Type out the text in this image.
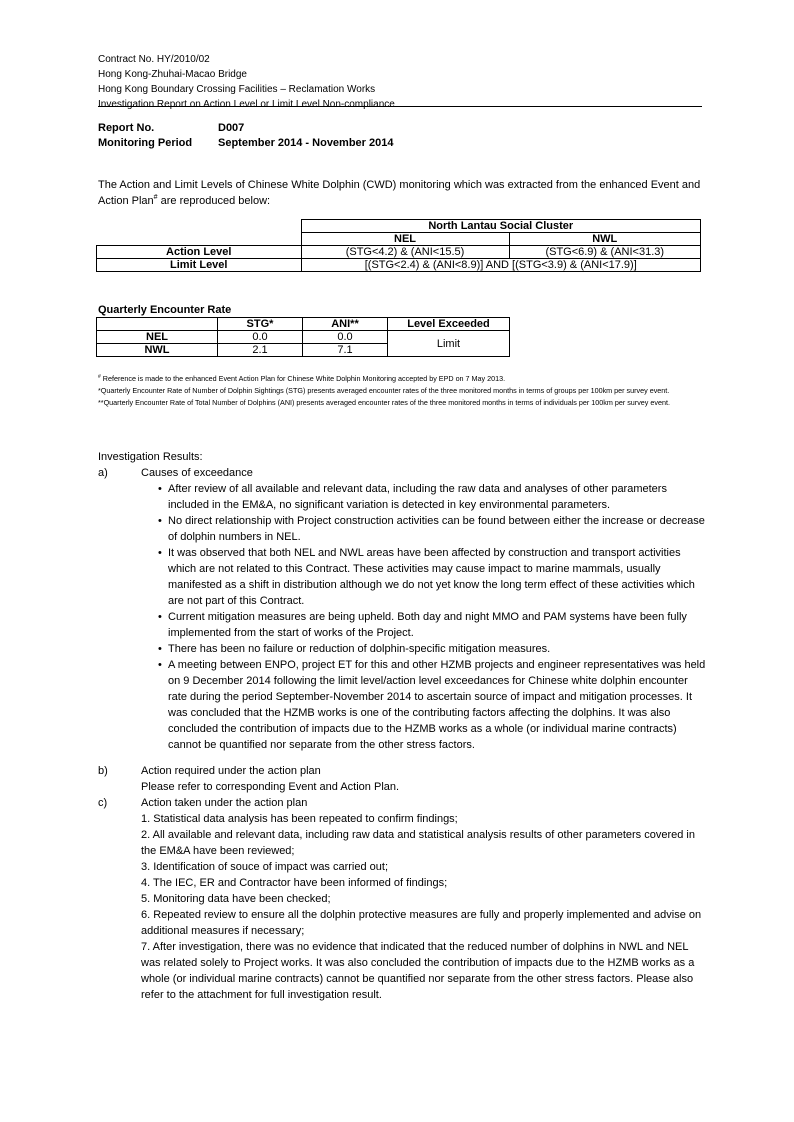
Contract No. HY/2010/02
Hong Kong-Zhuhai-Macao Bridge
Hong Kong Boundary Crossing Facilities – Reclamation Works
Investigation Report on Action Level or Limit Level Non-compliance
Report No.	D007
Monitoring Period September 2014 - November 2014
The Action and Limit Levels of Chinese White Dolphin (CWD) monitoring which was extracted from the enhanced Event and Action Plan# are reproduced below:
	North Lantau Social Cluster	
	NEL	NWL
Action Level	(STG<4.2) & (ANI<15.5)	(STG<6.9) & (ANI<31.3)
Limit Level	[(STG<2.4) & (ANI<8.9)] AND [(STG<3.9) & (ANI<17.9)]	
Quarterly Encounter Rate
	STG*	ANI**	Level Exceeded
NEL	0.0	0.0	Limit
NWL	2.1	7.1	

# Reference is made to the enhanced Event Action Plan for Chinese White Dolphin Monitoring accepted by EPD on 7 May 2013.

*Quarterly Encounter Rate of Number of Dolphin Sightings (STG) presents averaged encounter rates of the three monitored months in terms of groups per 100km per survey event.

**Quarterly Encounter Rate of Total Number of Dolphins (ANI) presents averaged encounter rates of the three monitored months in terms of individuals per 100km per survey event.

Investigation Results:
a)	Causes of exceedance
• After review of all available and relevant data, including the raw data and analyses of other parameters included in the EM&A, no significant variation is detected in key environmental parameters.
• No direct relationship with Project construction activities can be found between either the increase or decrease of dolphin numbers in NEL.
• It was observed that both NEL and NWL areas have been affected by construction and transport activities which are not related to this Contract. These activities may cause impact to marine mammals, usually manifested as a shift in distribution although we do not yet know the long term effect of these activities which are not part of this Contract.
• Current mitigation measures are being upheld. Both day and night MMO and PAM systems have been fully implemented from the start of works of the Project.
• There has been no failure or reduction of dolphin-specific mitigation measures.
• A meeting between ENPO, project ET for this and other HZMB projects and engineer representatives was held on 9 December 2014 following the limit level/action level exceedances for Chinese white dolphin encounter rate during the period September-November 2014 to ascertain source of impact and mitigation processes. It was concluded that the HZMB works is one of the contributing factors affecting the dolphins. It was also concluded the contribution of impacts due to the HZMB works as a whole (or individual marine contracts) cannot be quantified nor separate from the other stress factors.
b)	Action required under the action plan
Please refer to corresponding Event and Action Plan.
c)	Action taken under the action plan
1. Statistical data analysis has been repeated to confirm findings;
2. All available and relevant data, including raw data and statistical analysis results of other parameters covered in the EM&A have been reviewed;
3. Identification of souce of impact was carried out;
4. The IEC, ER and Contractor have been informed of findings;
5. Monitoring data have been checked;
6. Repeated review to ensure all the dolphin protective measures are fully and properly implemented and advise on additional measures if necessary;
7. After investigation, there was no evidence that indicated that the reduced number of dolphins in NWL and NEL was related solely to Project works. It was also concluded the contribution of impacts due to the HZMB works as a whole (or individual marine contracts) cannot be quantified nor separate from the other stress factors. Please also refer to the attachment for full investigation result.
